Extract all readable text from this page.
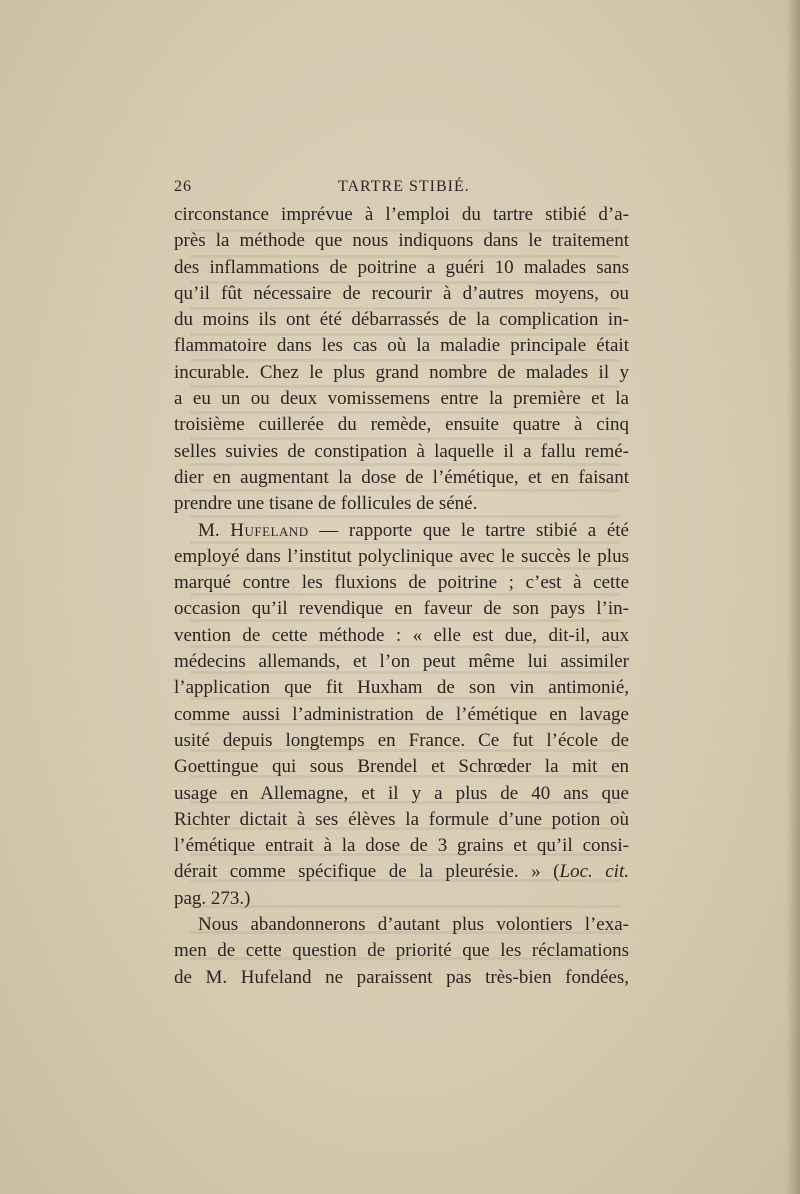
26	TARTRE STIBIÉ.
circonstance imprévue à l’emploi du tartre stibié d’a-
près la méthode que nous indiquons dans le traitement
des inflammations de poitrine a guéri 10 malades sans
qu’il fût nécessaire de recourir à d’autres moyens, ou
du moins ils ont été débarrassés de la complication in-
flammatoire dans les cas où la maladie principale était
incurable. Chez le plus grand nombre de malades il y
a eu un ou deux vomissemens entre la première et la
troisième cuillerée du remède, ensuite quatre à cinq
selles suivies de constipation à laquelle il a fallu remé-
dier en augmentant la dose de l’émétique, et en faisant
prendre une tisane de follicules de séné.
M. Hufeland — rapporte que le tartre stibié a été
employé dans l’institut polyclinique avec le succès le plus
marqué contre les fluxions de poitrine ; c’est à cette
occasion qu’il revendique en faveur de son pays l’in-
vention de cette méthode : « elle est due, dit-il, aux
médecins allemands, et l’on peut même lui assimiler
l’application que fit Huxham de son vin antimonié,
comme aussi l’administration de l’émétique en lavage
usité depuis longtemps en France. Ce fut l’école de
Goettingue qui sous Brendel et Schrœder la mit en
usage en Allemagne, et il y a plus de 40 ans que
Richter dictait à ses élèves la formule d’une potion où
l’émétique entrait à la dose de 3 grains et qu’il consi-
dérait comme spécifique de la pleurésie. » (Loc. cit.
pag. 273.)
Nous abandonnerons d’autant plus volontiers l’exa-
men de cette question de priorité que les réclamations
de M. Hufeland ne paraissent pas très-bien fondées,
